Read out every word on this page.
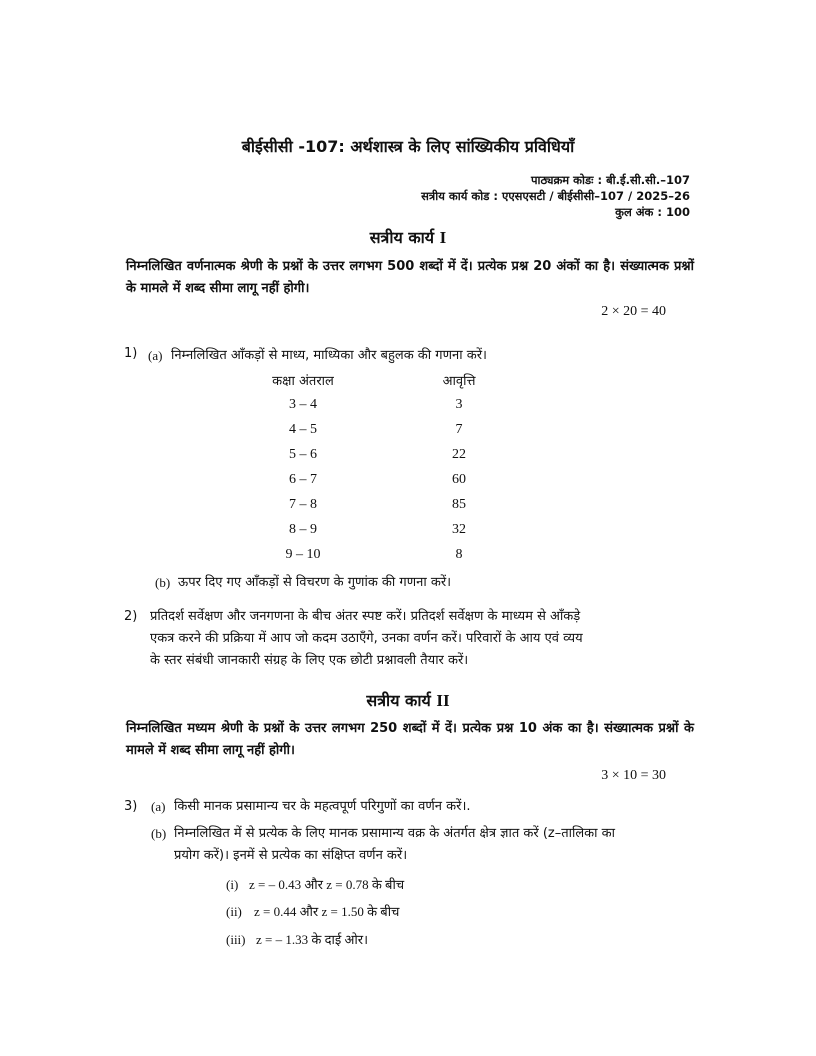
बीईसीसी -107: अर्थशास्त्र के लिए सांख्यिकीय प्रविधियाँ
पाठ्यक्रम कोडः : बी.ई.सी.सी.–107
सत्रीय कार्य कोड : एएसएसटी / बीईसीसी–107 / 2025–26
कुल अंक : 100
सत्रीय कार्य I
निम्नलिखित वर्णनात्मक श्रेणी के प्रश्नों के उत्तर लगभग 500 शब्दों में दें। प्रत्येक प्रश्न 20 अंकों का है। संख्यात्मक प्रश्नों के मामले में शब्द सीमा लागू नहीं होगी।
2 × 20 = 40
1) (a) निम्नलिखित आँकड़ों से माध्य, माध्यिका और बहुलक की गणना करें।
कक्षा अंतराल	आवृत्ति
3 – 4	3
4 – 5	7
5 – 6	22
6 – 7	60
7 – 8	85
8 – 9	32
9 – 10	8
(b) ऊपर दिए गए आँकड़ों से विचरण के गुणांक की गणना करें।
2) प्रतिदर्श सर्वेक्षण और जनगणना के बीच अंतर स्पष्ट करें। प्रतिदर्श सर्वेक्षण के माध्यम से आँकड़े
एकत्र करने की प्रक्रिया में आप जो कदम उठाएँगे, उनका वर्णन करें। परिवारों के आय एवं व्यय
के स्तर संबंधी जानकारी संग्रह के लिए एक छोटी प्रश्नावली तैयार करें।
सत्रीय कार्य II
निम्नलिखित मध्यम श्रेणी के प्रश्नों के उत्तर लगभग 250 शब्दों में दें। प्रत्येक प्रश्न 10 अंक का है। संख्यात्मक प्रश्नों के मामले में शब्द सीमा लागू नहीं होगी।
3 × 10 = 30
3) (a) किसी मानक प्रसामान्य चर के महत्वपूर्ण परिगुणों का वर्णन करें।.
(b) निम्नलिखित में से प्रत्येक के लिए मानक प्रसामान्य वक्र के अंतर्गत क्षेत्र ज्ञात करें (z–तालिका का
प्रयोग करें)। इनमें से प्रत्येक का संक्षिप्त वर्णन करें।
(i) z = – 0.43 और z = 0.78 के बीच
(ii) z = 0.44 और z = 1.50 के बीच
(iii) z = – 1.33 के दाई ओर।
